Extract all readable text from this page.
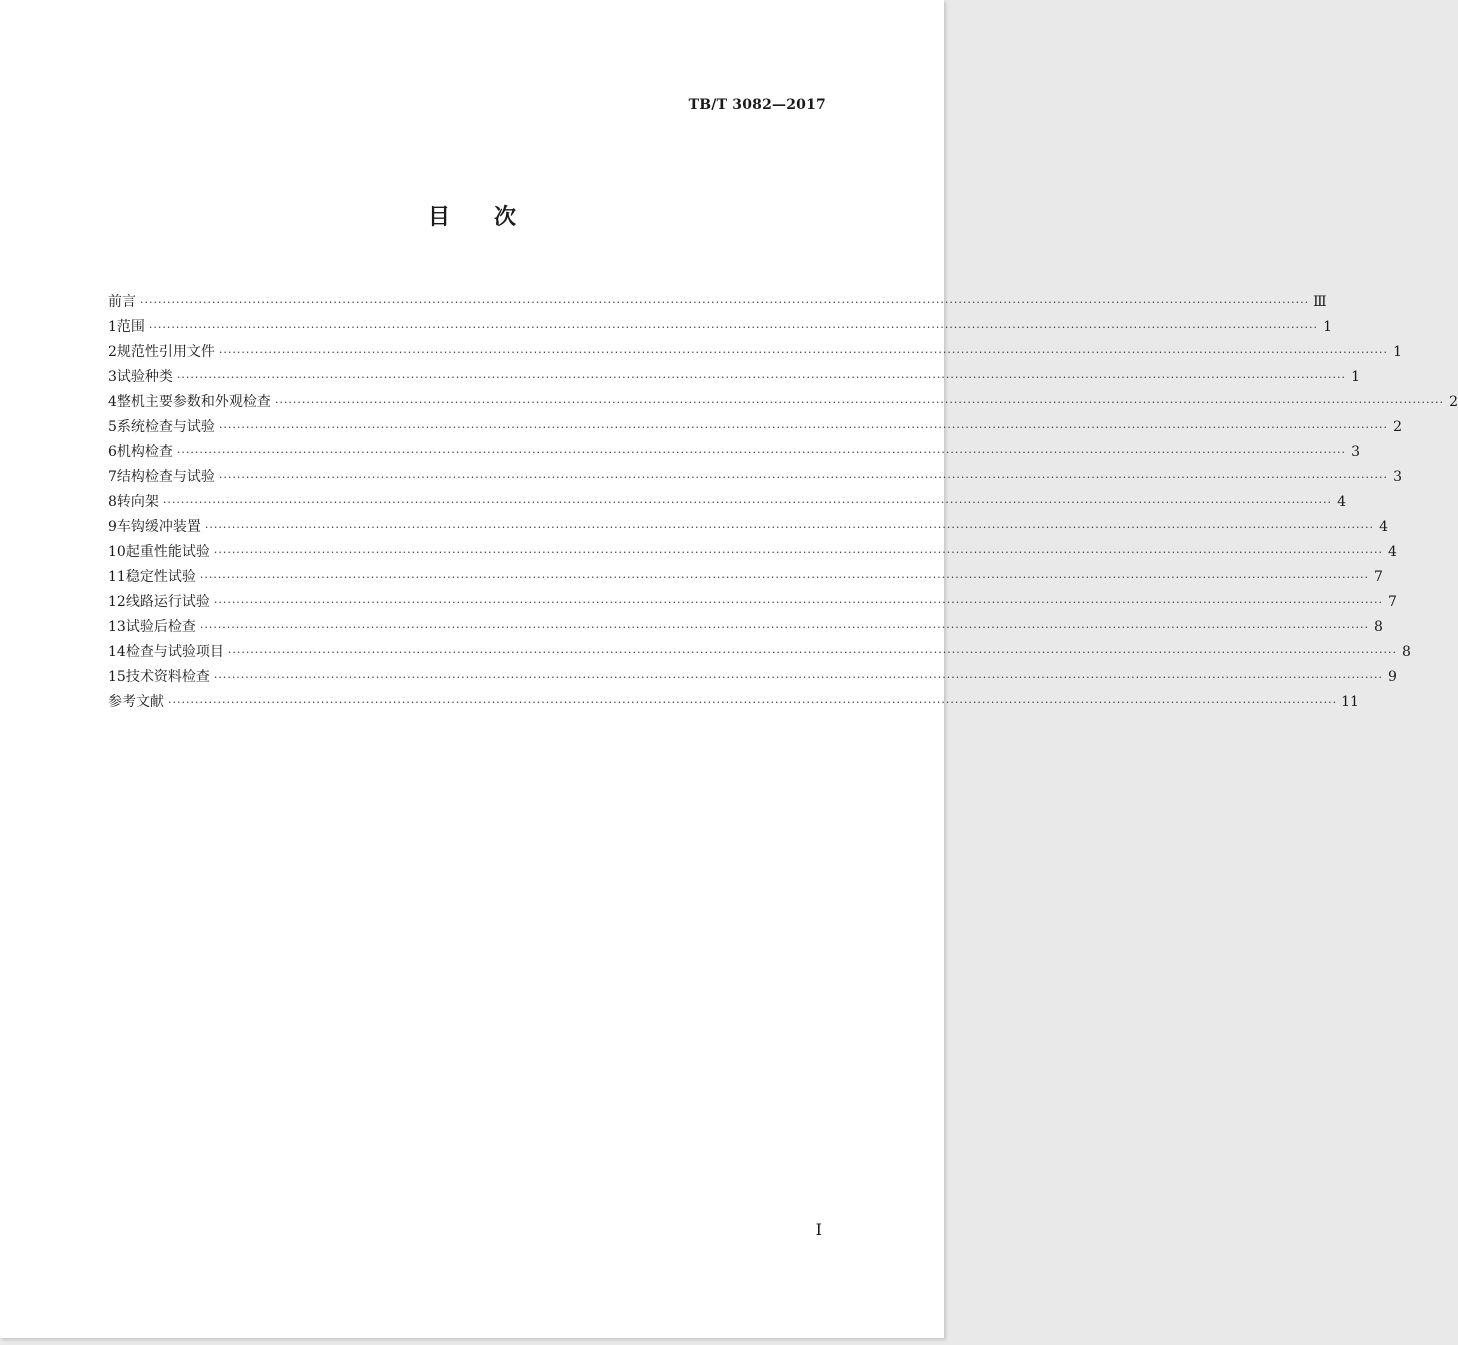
TB/T 3082—2017
目次
前言 ···································································································································································································································································· Ⅲ
1 范围 ···································································································································································································································································· 1
2 规范性引用文件 ···································································································································································································································································· 1
3 试验种类 ···································································································································································································································································· 1
4 整机主要参数和外观检查 ···································································································································································································································································· 2
5 系统检查与试验 ···································································································································································································································································· 2
6 机构检查 ···································································································································································································································································· 3
7 结构检查与试验 ···································································································································································································································································· 3
8 转向架 ···································································································································································································································································· 4
9 车钩缓冲装置 ···································································································································································································································································· 4
10 起重性能试验 ···································································································································································································································································· 4
11 稳定性试验 ···································································································································································································································································· 7
12 线路运行试验 ···································································································································································································································································· 7
13 试验后检查 ···································································································································································································································································· 8
14 检查与试验项目 ···································································································································································································································································· 8
15 技术资料检查 ···································································································································································································································································· 9
参考文献 ···································································································································································································································································· 11
I
